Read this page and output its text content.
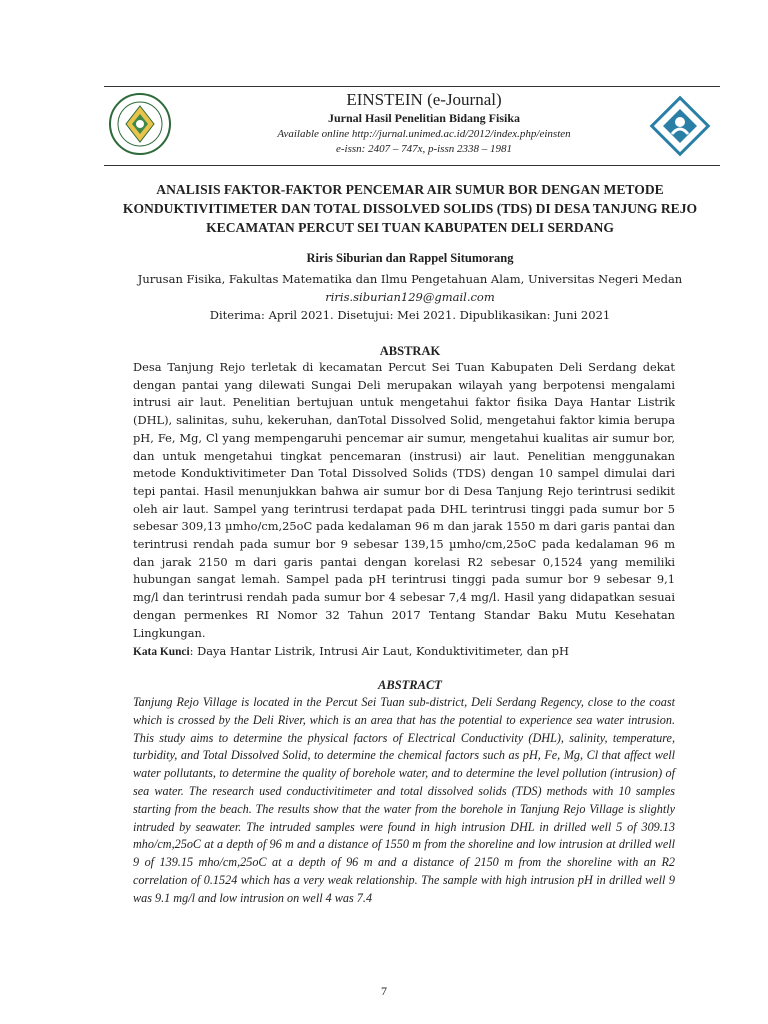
EINSTEIN (e-Journal)
Jurnal Hasil Penelitian Bidang Fisika
Available online http://jurnal.unimed.ac.id/2012/index.php/einsten
e-issn: 2407 – 747x, p-issn 2338 – 1981
ANALISIS FAKTOR-FAKTOR PENCEMAR AIR SUMUR BOR DENGAN METODE KONDUKTIVITIMETER DAN TOTAL DISSOLVED SOLIDS (TDS) DI DESA TANJUNG REJO KECAMATAN PERCUT SEI TUAN KABUPATEN DELI SERDANG
Riris Siburian dan Rappel Situmorang
Jurusan Fisika, Fakultas Matematika dan Ilmu Pengetahuan Alam, Universitas Negeri Medan
riris.siburian129@gmail.com
Diterima: April 2021. Disetujui: Mei 2021. Dipublikasikan: Juni 2021
ABSTRAK
Desa Tanjung Rejo terletak di kecamatan Percut Sei Tuan Kabupaten Deli Serdang dekat dengan pantai yang dilewati Sungai Deli merupakan wilayah yang berpotensi mengalami intrusi air laut. Penelitian bertujuan untuk mengetahui faktor fisika Daya Hantar Listrik (DHL), salinitas, suhu, kekeruhan, danTotal Dissolved Solid, mengetahui faktor kimia berupa pH, Fe, Mg, Cl yang mempengaruhi pencemar air sumur, mengetahui kualitas air sumur bor, dan untuk mengetahui tingkat pencemaran (instrusi) air laut. Penelitian menggunakan metode Konduktivitimeter Dan Total Dissolved Solids (TDS) dengan 10 sampel dimulai dari tepi pantai. Hasil menunjukkan bahwa air sumur bor di Desa Tanjung Rejo terintrusi sedikit oleh air laut. Sampel yang terintrusi terdapat pada DHL terintrusi tinggi pada sumur bor 5 sebesar 309,13 µmho/cm,25oC pada kedalaman 96 m dan jarak 1550 m dari garis pantai dan terintrusi rendah pada sumur bor 9 sebesar 139,15 µmho/cm,25oC pada kedalaman 96 m dan jarak 2150 m dari garis pantai dengan korelasi R2 sebesar 0,1524 yang memiliki hubungan sangat lemah. Sampel pada pH terintrusi tinggi pada sumur bor 9 sebesar 9,1 mg/l dan terintrusi rendah pada sumur bor 4 sebesar 7,4 mg/l. Hasil yang didapatkan sesuai dengan permenkes RI Nomor 32 Tahun 2017 Tentang Standar Baku Mutu Kesehatan Lingkungan.
Kata Kunci: Daya Hantar Listrik, Intrusi Air Laut, Konduktivitimeter, dan pH
ABSTRACT
Tanjung Rejo Village is located in the Percut Sei Tuan sub-district, Deli Serdang Regency, close to the coast which is crossed by the Deli River, which is an area that has the potential to experience sea water intrusion. This study aims to determine the physical factors of Electrical Conductivity (DHL), salinity, temperature, turbidity, and Total Dissolved Solid, to determine the chemical factors such as pH, Fe, Mg, Cl that affect well water pollutants, to determine the quality of borehole water, and to determine the level pollution (intrusion) of sea water. The research used conductivitimeter and total dissolved solids (TDS) methods with 10 samples starting from the beach. The results show that the water from the borehole in Tanjung Rejo Village is slightly intruded by seawater. The intruded samples were found in high intrusion DHL in drilled well 5 of 309.13 mho/cm,25oC at a depth of 96 m and a distance of 1550 m from the shoreline and low intrusion at drilled well 9 of 139.15 mho/cm,25oC at a depth of 96 m and a distance of 2150 m from the shoreline with an R2 correlation of 0.1524 which has a very weak relationship. The sample with high intrusion pH in drilled well 9 was 9.1 mg/l and low intrusion on well 4 was 7.4
7
